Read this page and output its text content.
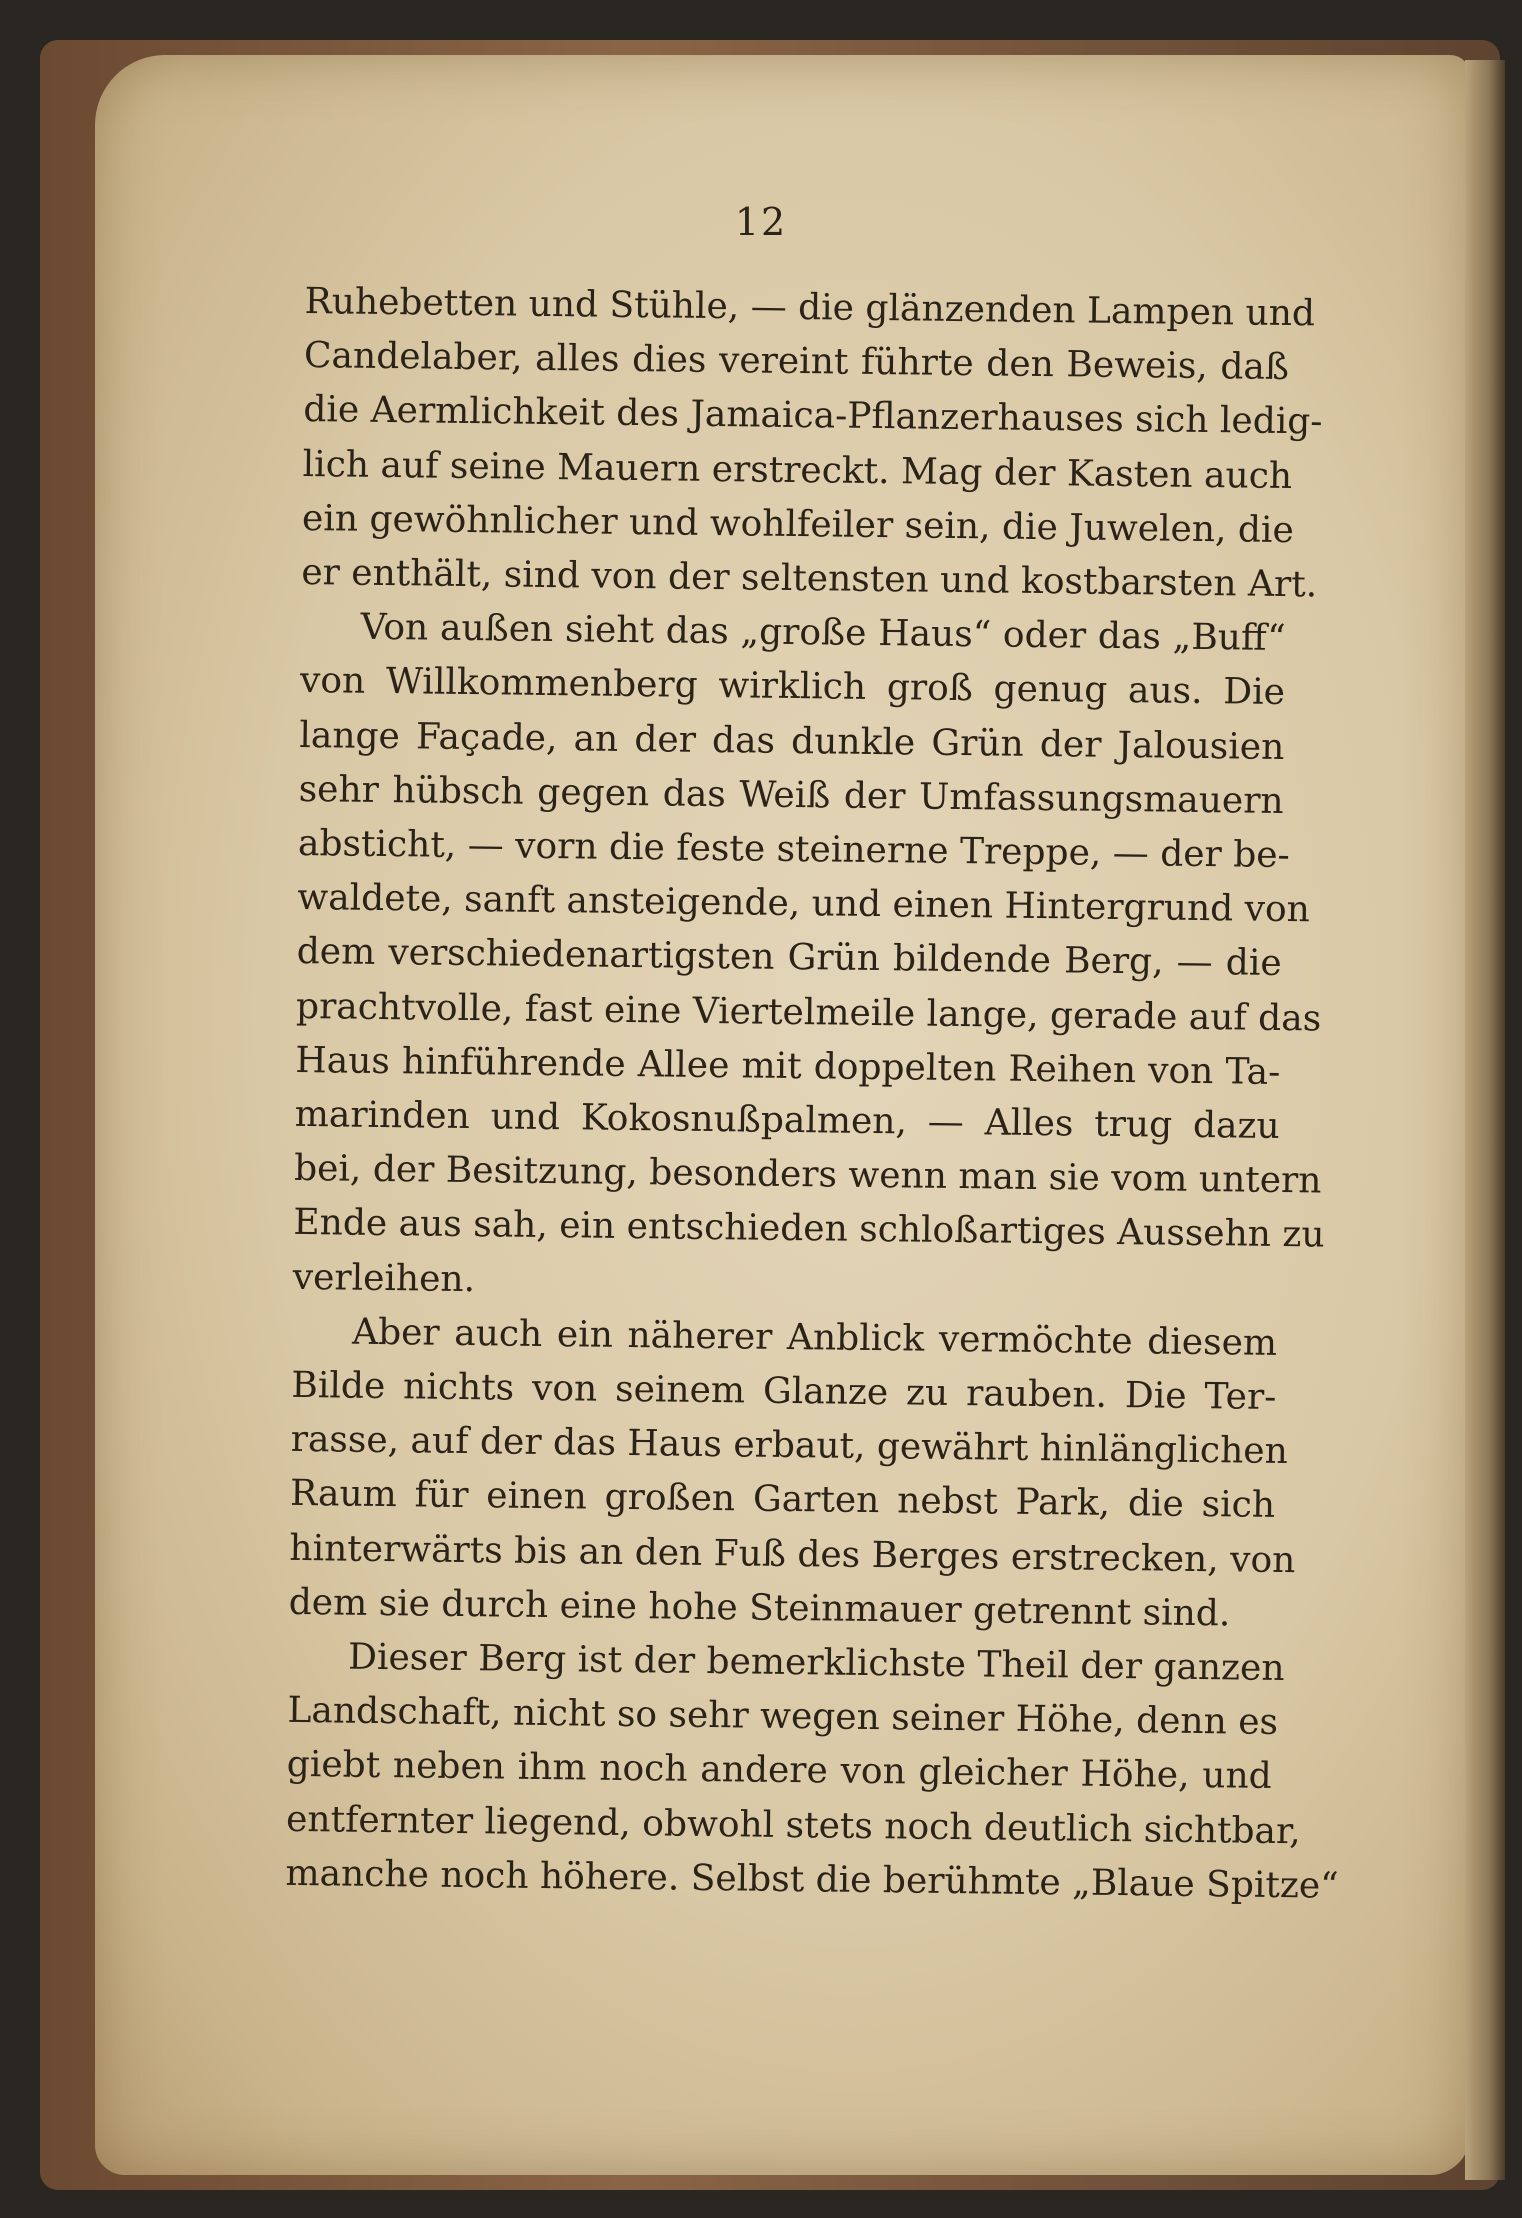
12
Ruhebetten und Stühle, — die glänzenden Lampen und
Candelaber, alles dies vereint führte den Beweis, daß
die Aermlichkeit des Jamaica-Pflanzerhauses sich ledig-
lich auf seine Mauern erstreckt. Mag der Kasten auch
ein gewöhnlicher und wohlfeiler sein, die Juwelen, die
er enthält, sind von der seltensten und kostbarsten Art.
Von außen sieht das „große Haus“ oder das „Buff“
von Willkommenberg wirklich groß genug aus. Die
lange Façade, an der das dunkle Grün der Jalousien
sehr hübsch gegen das Weiß der Umfassungsmauern
absticht, — vorn die feste steinerne Treppe, — der be-
waldete, sanft ansteigende, und einen Hintergrund von
dem verschiedenartigsten Grün bildende Berg, — die
prachtvolle, fast eine Viertelmeile lange, gerade auf das
Haus hinführende Allee mit doppelten Reihen von Ta-
marinden und Kokosnußpalmen, — Alles trug dazu
bei, der Besitzung, besonders wenn man sie vom untern
Ende aus sah, ein entschieden schloßartiges Aussehn zu
verleihen.
Aber auch ein näherer Anblick vermöchte diesem
Bilde nichts von seinem Glanze zu rauben. Die Ter-
rasse, auf der das Haus erbaut, gewährt hinlänglichen
Raum für einen großen Garten nebst Park, die sich
hinterwärts bis an den Fuß des Berges erstrecken, von
dem sie durch eine hohe Steinmauer getrennt sind.
Dieser Berg ist der bemerklichste Theil der ganzen
Landschaft, nicht so sehr wegen seiner Höhe, denn es
giebt neben ihm noch andere von gleicher Höhe, und
entfernter liegend, obwohl stets noch deutlich sichtbar,
manche noch höhere. Selbst die berühmte „Blaue Spitze“
